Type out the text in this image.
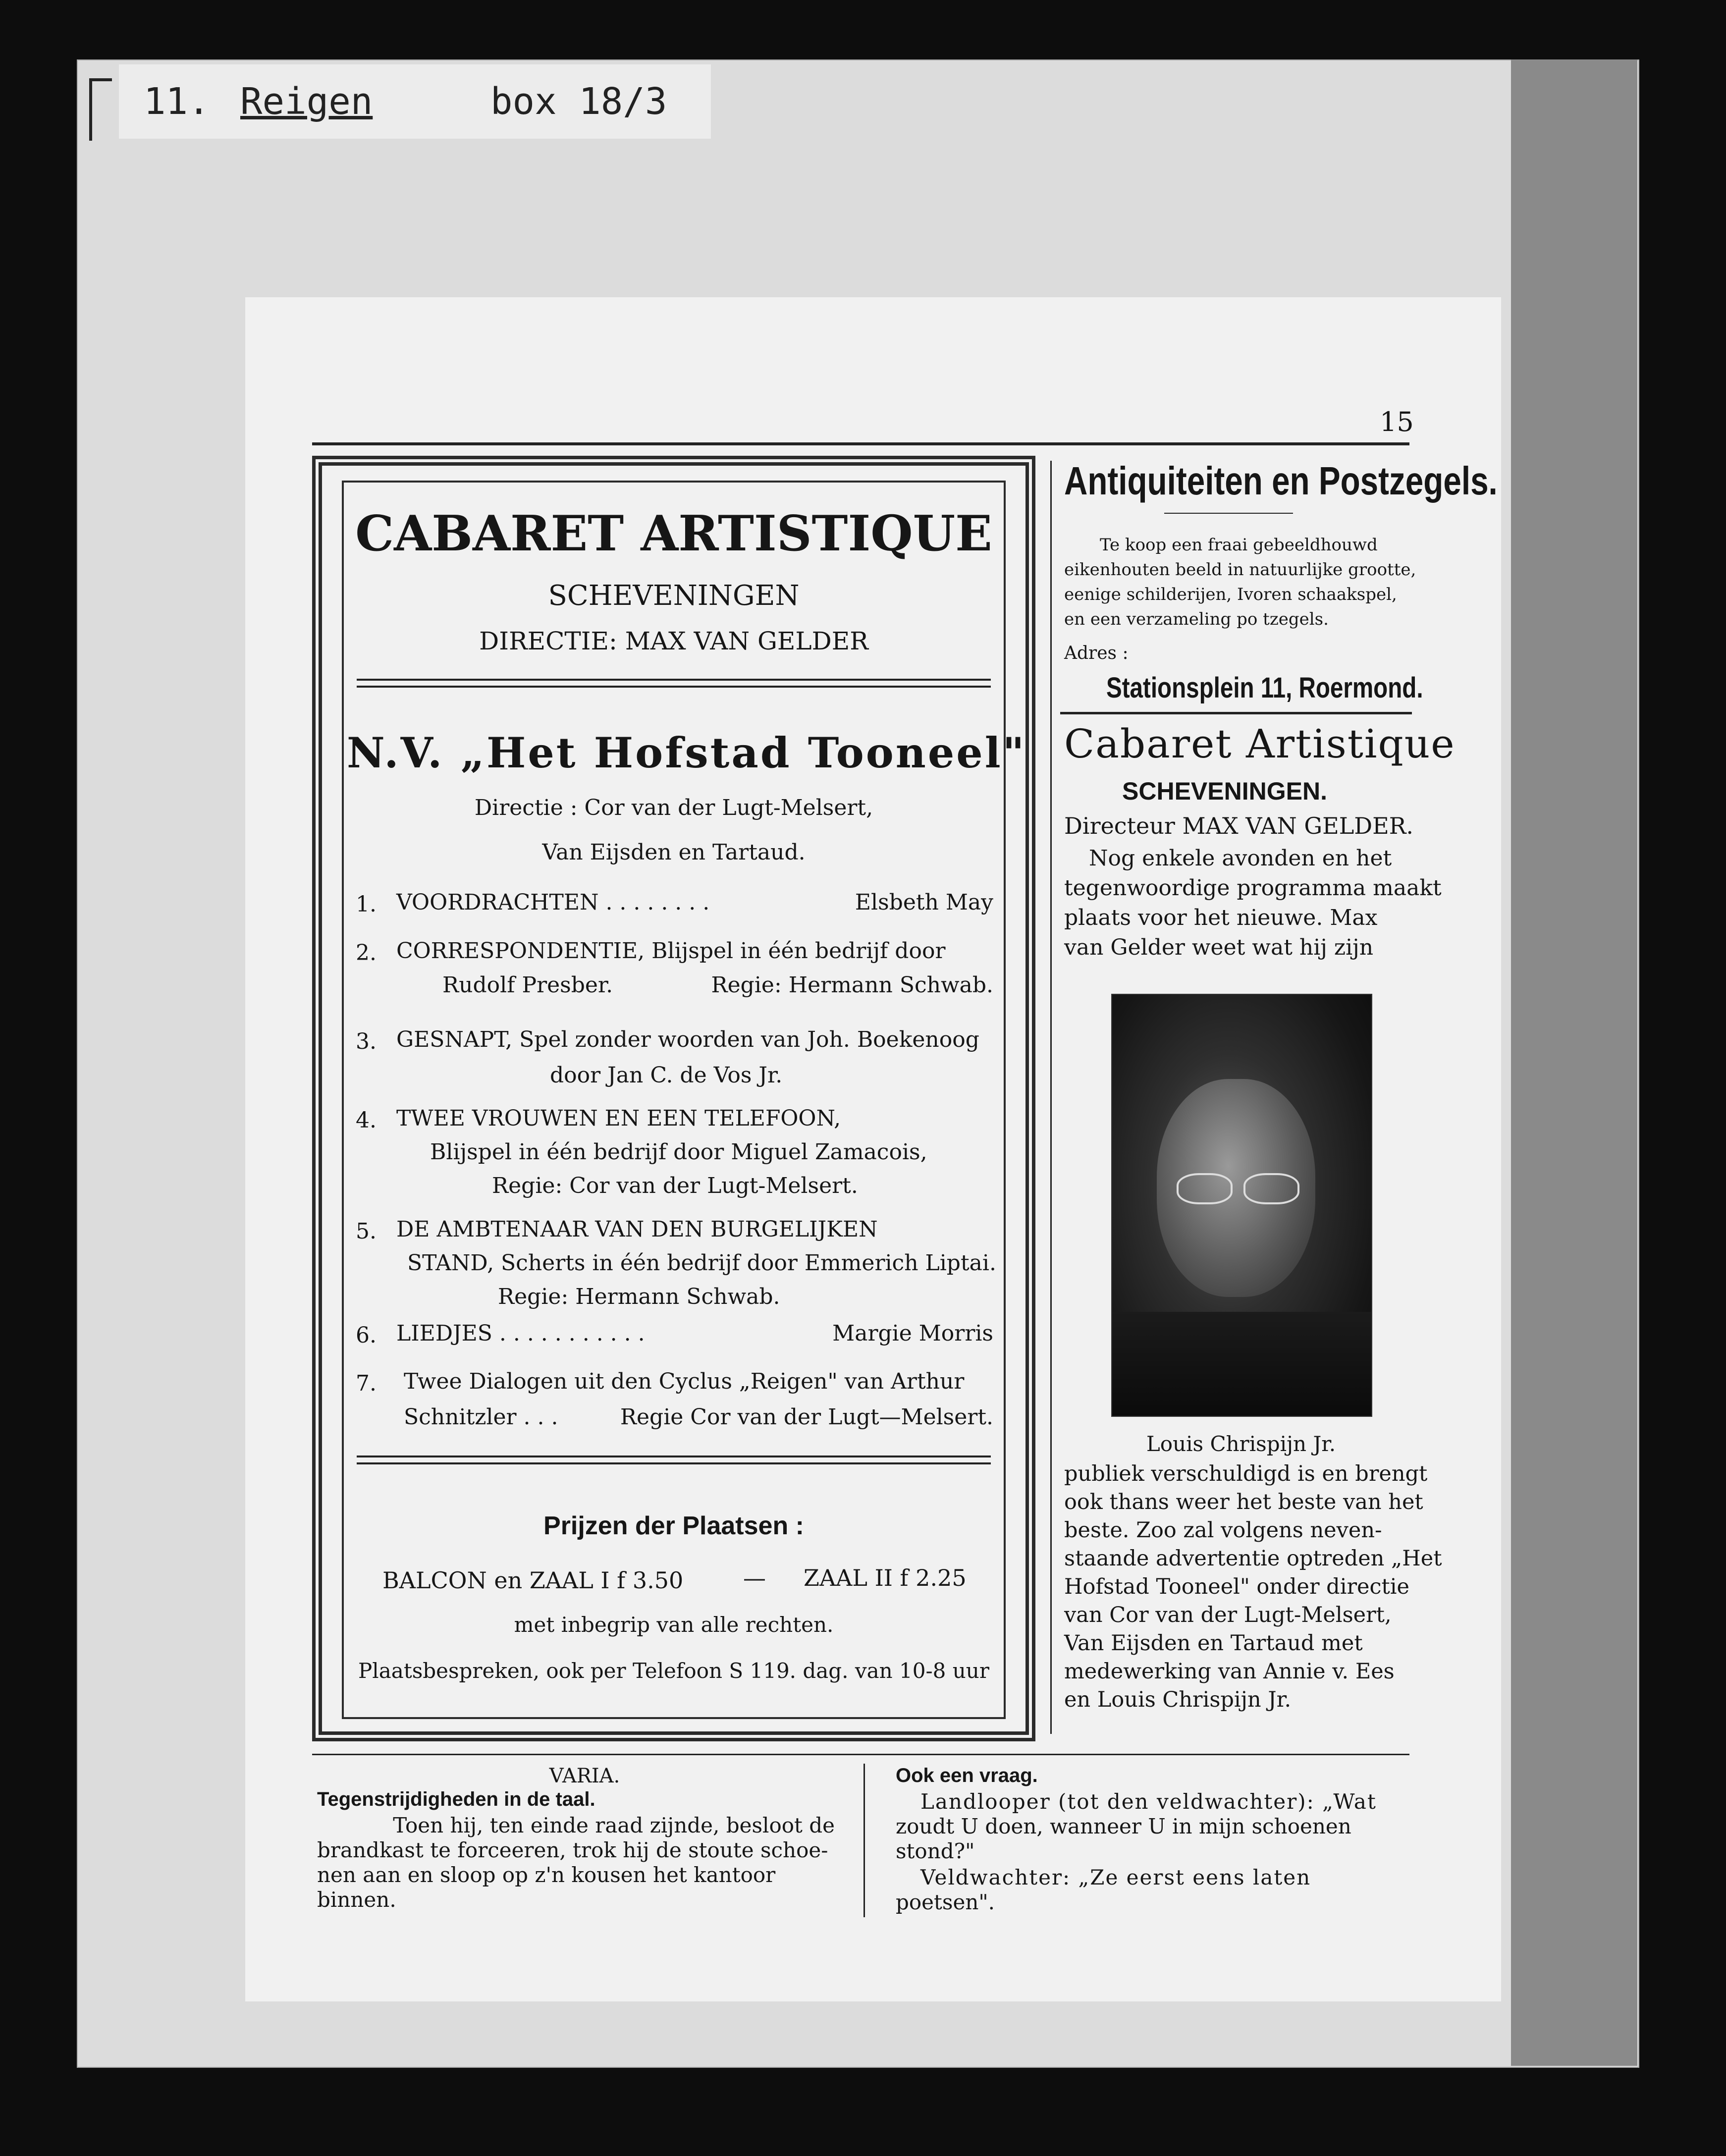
11. Reigen	box 18/3
15
CABARET ARTISTIQUE
SCHEVENINGEN
DIRECTIE: MAX VAN GELDER
N.V. „Het Hofstad Tooneel"
Directie : Cor van der Lugt-Melsert,
Van Eijsden en Tartaud.
1. VOORDRACHTEN . . . . . . . .	Elsbeth May
2. CORRESPONDENTIE, Blijspel in één bedrijf door
Rudolf Presber.	Regie: Hermann Schwab.
3. GESNAPT, Spel zonder woorden van Joh. Boekenoog
door Jan C. de Vos Jr.
4. TWEE VROUWEN EN EEN TELEFOON,
Blijspel in één bedrijf door Miguel Zamacois,
Regie: Cor van der Lugt-Melsert.
5. DE AMBTENAAR VAN DEN BURGELIJKEN
STAND, Scherts in één bedrijf door Emmerich Liptai.
Regie: Hermann Schwab.
6. LIEDJES . . . . . . . . . . .	Margie Morris
7. Twee Dialogen uit den Cyclus „Reigen" van Arthur
Schnitzler . . .	Regie Cor van der Lugt—Melsert.
Prijzen der Plaatsen :
BALCON en ZAAL I f 3.50	— ZAAL II f 2.25
met inbegrip van alle rechten.
Plaatsbespreken, ook per Telefoon S 119. dag. van 10-8 uur
Antiquiteiten en Postzegels.
Te koop een fraai gebeeldhouwd
eikenhouten beeld in natuurlijke grootte,
eenige schilderijen, Ivoren schaakspel,
en een verzameling po tzegels.
Adres :
Stationsplein 11, Roermond.
Cabaret Artistique
SCHEVENINGEN.
Directeur MAX VAN GELDER.
Nog enkele avonden en het
tegenwoordige programma maakt
plaats voor het nieuwe. Max
van Gelder weet wat hij zijn
Louis Chrispijn Jr.
publiek verschuldigd is en brengt
ook thans weer het beste van het
beste. Zoo zal volgens neven-
staande advertentie optreden „Het
Hofstad Tooneel" onder directie
van Cor van der Lugt-Melsert,
Van Eijsden en Tartaud met
medewerking van Annie v. Ees
en Louis Chrispijn Jr.
VARIA.
Tegenstrijdigheden in de taal.
Toen hij, ten einde raad zijnde, besloot de
brandkast te forceeren, trok hij de stoute schoe-
nen aan en sloop op z'n kousen het kantoor
binnen.
Ook een vraag.
Landlooper (tot den veldwachter): „Wat
zoudt U doen, wanneer U in mijn schoenen
stond?"
Veldwachter: „Ze eerst eens laten
poetsen".
